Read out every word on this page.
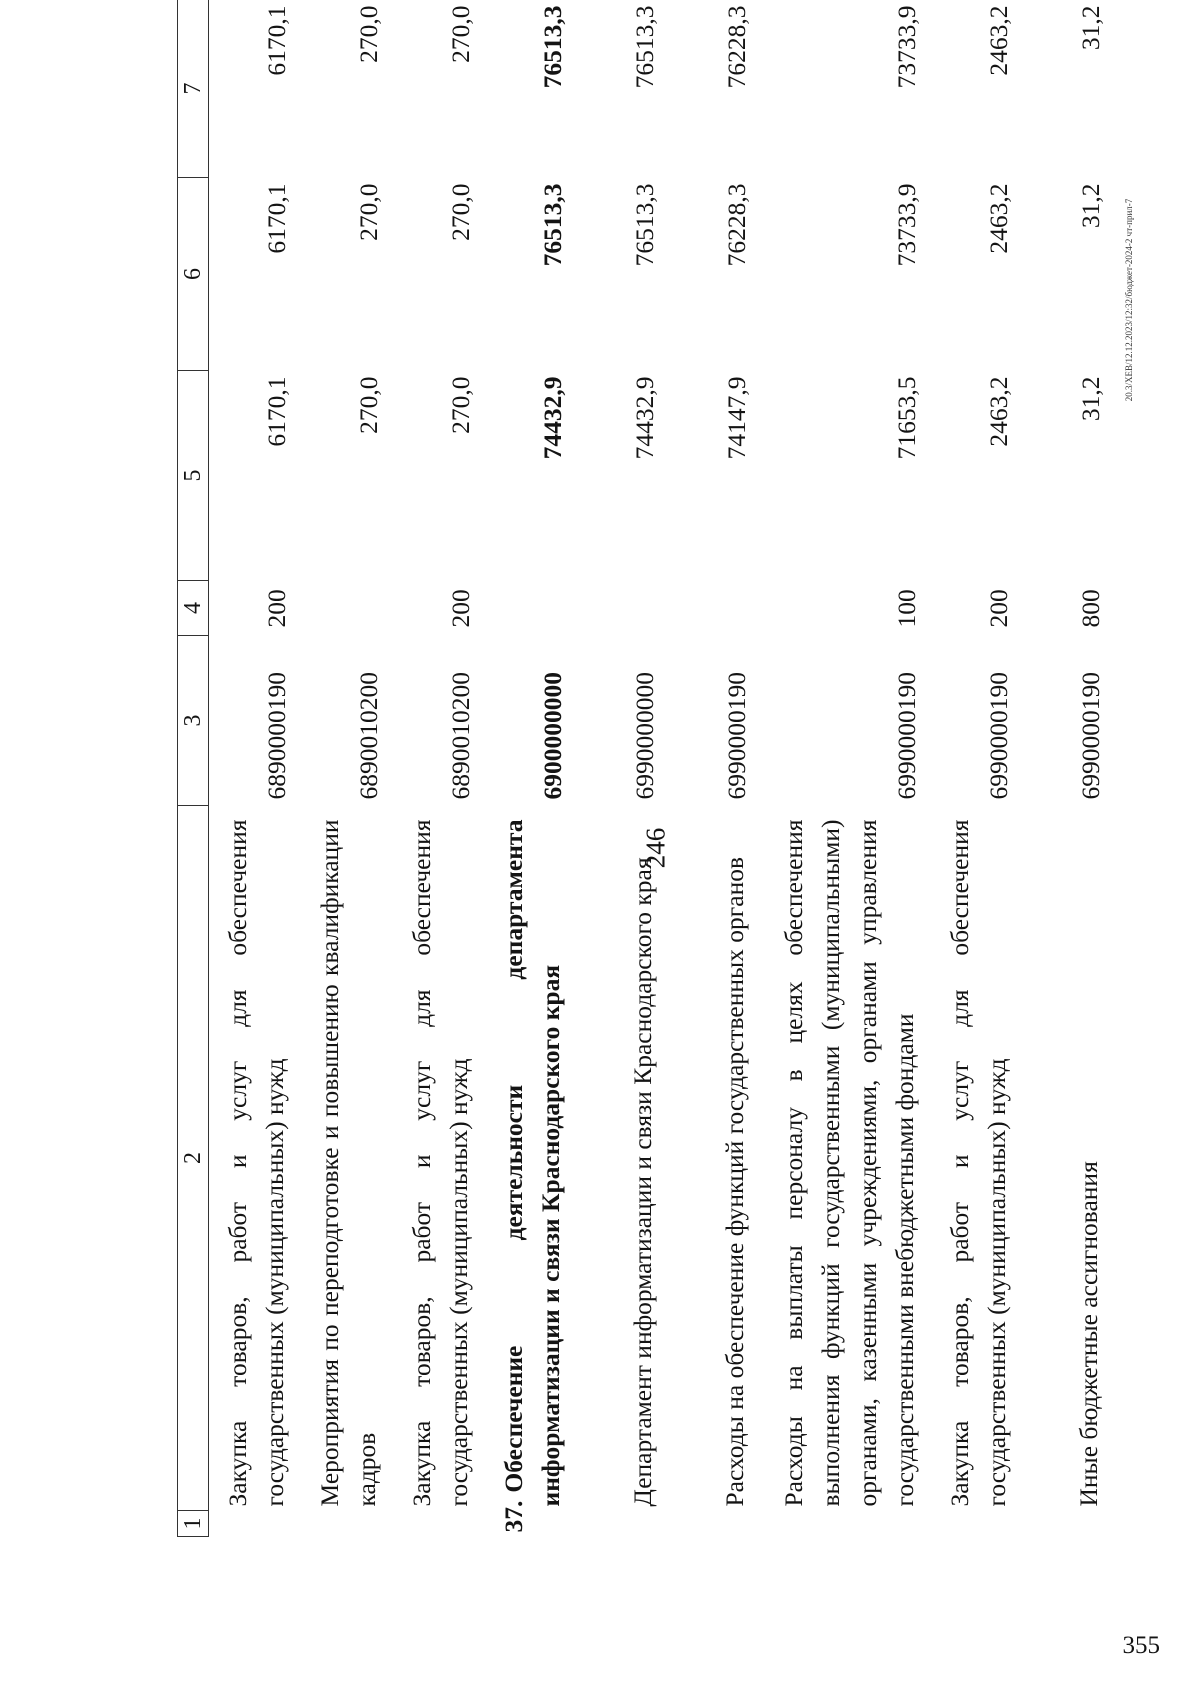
246
355
20.3/XEB/12.12.2023/12:32/бюджет-2024-2 чт-прил-7
1	2	3	4	5	6	7
	Закупка товаров, работ и услуг для обеспечения государственных (муниципальных) нужд	6890000190	200	6170,1	6170,1	6170,1
	Мероприятия по переподготовке и повышению квалификации кадров	6890010200		270,0	270,0	270,0
	Закупка товаров, работ и услуг для обеспечения государственных (муниципальных) нужд	6890010200	200	270,0	270,0	270,0
37.Обеспечение деятельности департамента информатизации и связи Краснодарского края		6900000000		74432,9	76513,3	76513,3
	Департамент информатизации и связи Краснодарского края	6990000000		74432,9	76513,3	76513,3
	Расходы на обеспечение функций государственных органов	6990000190		74147,9	76228,3	76228,3
	Расходы на выплаты персоналу в целях обеспечения выполнения функций государственными (муниципальными) органами, казенными учреждениями, органами управления государственными внебюджетными фондами	6990000190	100	71653,5	73733,9	73733,9
	Закупка товаров, работ и услуг для обеспечения государственных (муниципальных) нужд	6990000190	200	2463,2	2463,2	2463,2
	Иные бюджетные ассигнования	6990000190	800	31,2	31,2	31,2
